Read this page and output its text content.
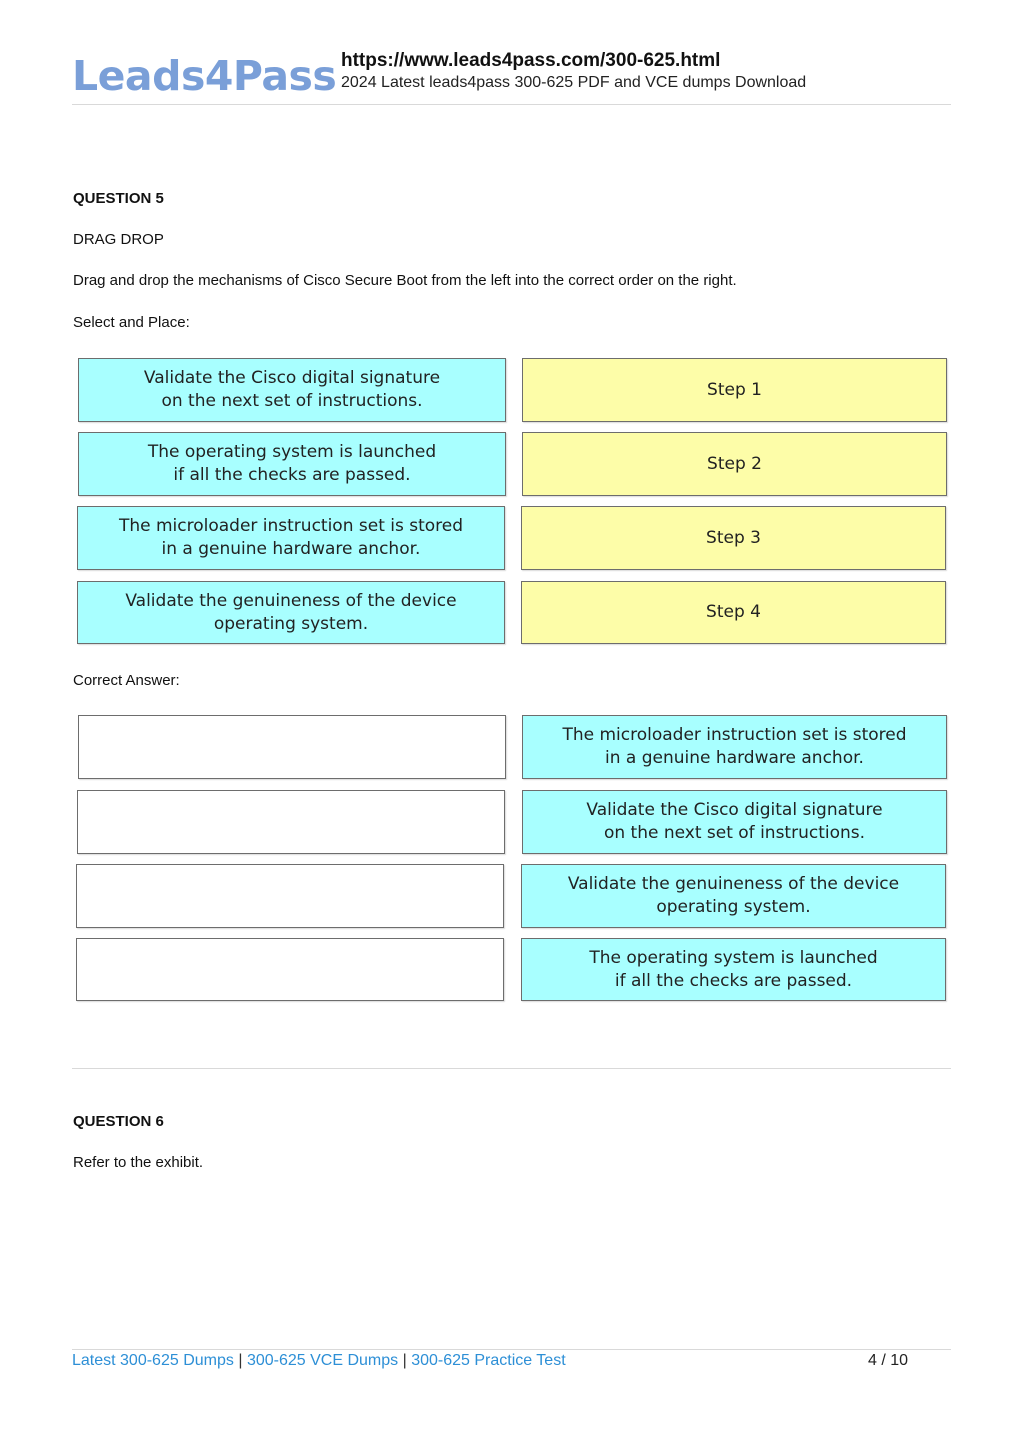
Leads4Pass https://www.leads4pass.com/300-625.html
2024 Latest leads4pass 300-625 PDF and VCE dumps Download
QUESTION 5
DRAG DROP
Drag and drop the mechanisms of Cisco Secure Boot from the left into the correct order on the right.
Select and Place:
Validate the Cisco digital signature
on the next set of instructions.
The operating system is launched
if all the checks are passed.
The microloader instruction set is stored
in a genuine hardware anchor.
Validate the genuineness of the device
operating system.
Step 1
Step 2
Step 3
Step 4
Correct Answer:
The microloader instruction set is stored
in a genuine hardware anchor.
Validate the Cisco digital signature
on the next set of instructions.
Validate the genuineness of the device
operating system.
The operating system is launched
if all the checks are passed.
QUESTION 6
Refer to the exhibit.
Latest 300-625 Dumps | 300-625 VCE Dumps | 300-625 Practice Test	4 / 10
